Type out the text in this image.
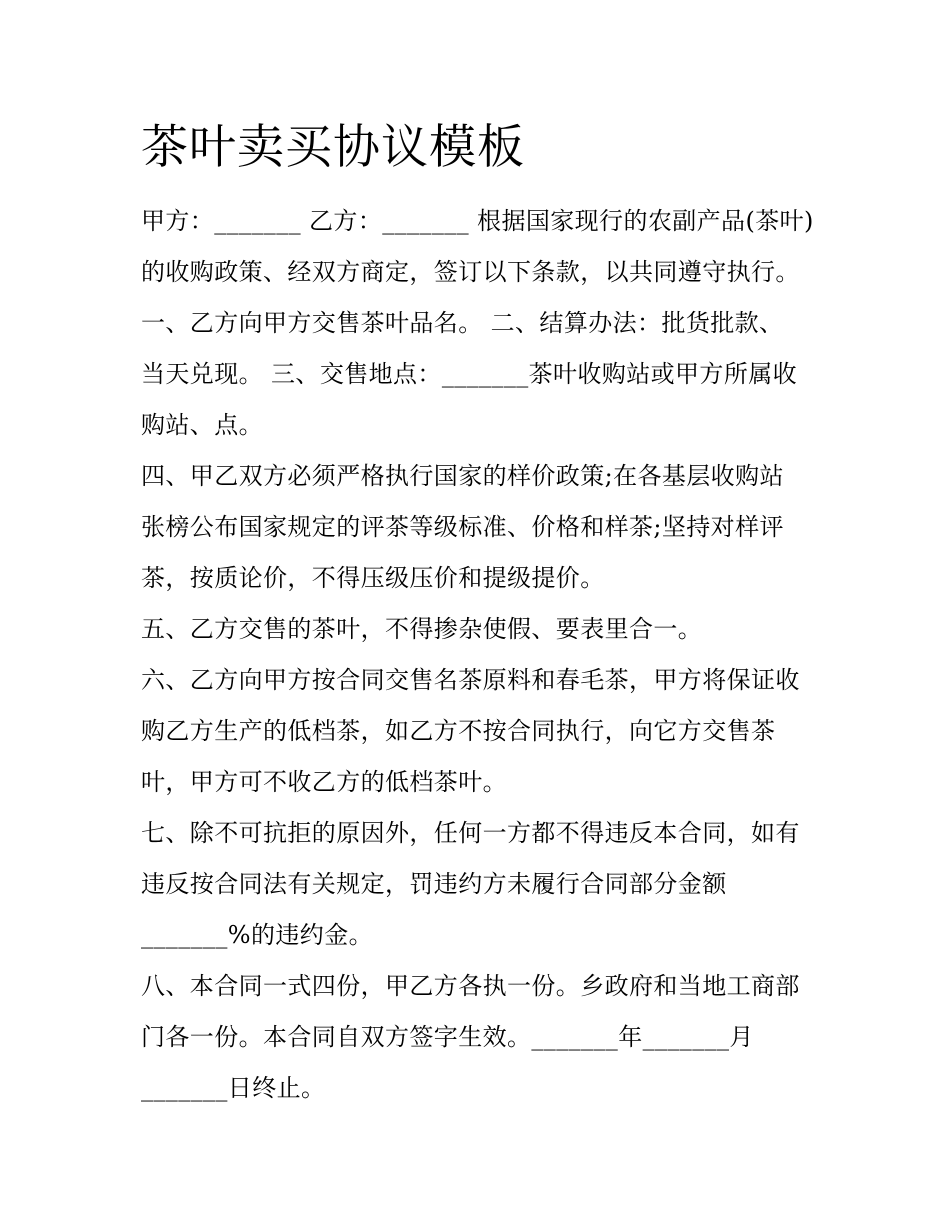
茶叶卖买协议模板
甲方：_______ 乙方：_______ 根据国家现行的农副产品(茶叶)
的收购政策、经双方商定，签订以下条款，以共同遵守执行。
一、乙方向甲方交售茶叶品名。 二、结算办法：批货批款、
当天兑现。 三、交售地点：_______茶叶收购站或甲方所属收
购站、点。
四、甲乙双方必须严格执行国家的样价政策;在各基层收购站
张榜公布国家规定的评茶等级标准、价格和样茶;坚持对样评
茶，按质论价，不得压级压价和提级提价。
五、乙方交售的茶叶，不得掺杂使假、要表里合一。
六、乙方向甲方按合同交售名茶原料和春毛茶，甲方将保证收
购乙方生产的低档茶，如乙方不按合同执行，向它方交售茶
叶，甲方可不收乙方的低档茶叶。
七、除不可抗拒的原因外，任何一方都不得违反本合同，如有
违反按合同法有关规定，罚违约方未履行合同部分金额
_______%的违约金。
八、本合同一式四份，甲乙方各执一份。乡政府和当地工商部
门各一份。本合同自双方签字生效。_______年_______月
_______日终止。
